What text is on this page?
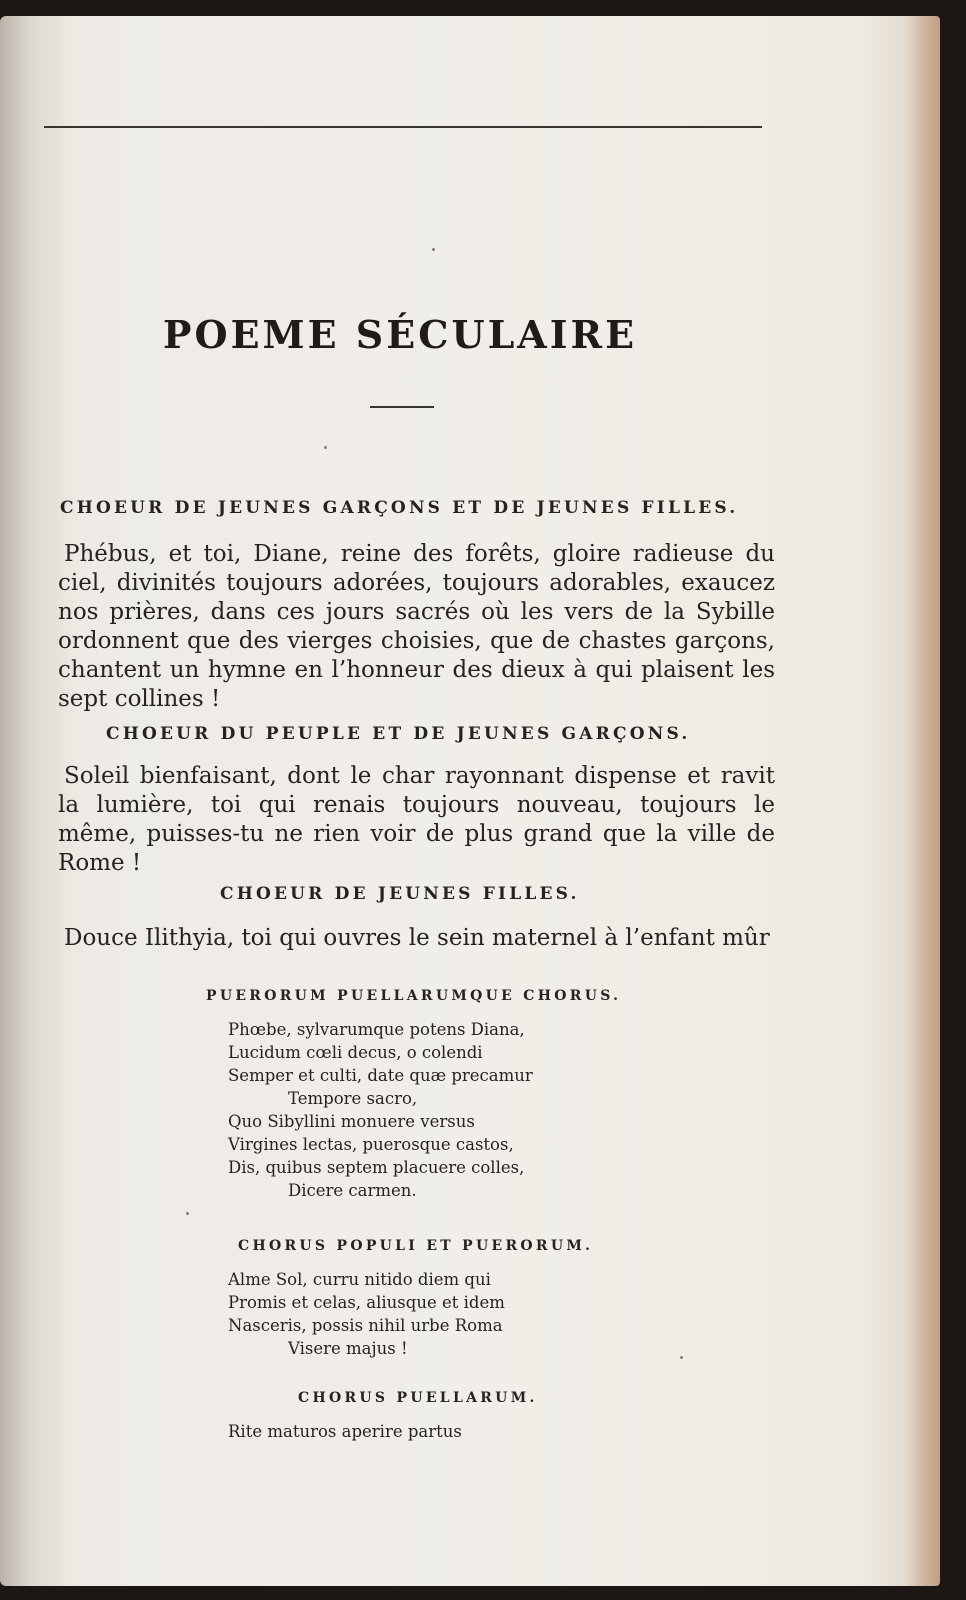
POEME SÉCULAIRE
CHOEUR DE JEUNES GARÇONS ET DE JEUNES FILLES.

Phébus, et toi, Diane, reine des forêts, gloire radieuse du ciel, divinités toujours adorées, toujours adorables, exaucez nos prières, dans ces jours sacrés où les vers de la Sybille ordonnent que des vierges choisies, que de chastes garçons, chantent un hymne en l’honneur des dieux à qui plaisent les sept collines !

CHOEUR DU PEUPLE ET DE JEUNES GARÇONS.

Soleil bienfaisant, dont le char rayonnant dispense et ravit la lumière, toi qui renais toujours nouveau, toujours le même, puisses-tu ne rien voir de plus grand que la ville de Rome !

CHOEUR DE JEUNES FILLES.

Douce Ilithyia, toi qui ouvres le sein maternel à l’enfant mûr

PUERORUM PUELLARUMQUE CHORUS.

Phœbe, sylvarumque potens Diana,

Lucidum cœli decus, o colendi

Semper et culti, date quæ precamur

Tempore sacro,

Quo Sibyllini monuere versus

Virgines lectas, puerosque castos,

Dis, quibus septem placuere colles,

Dicere carmen.

CHORUS POPULI ET PUERORUM.

Alme Sol, curru nitido diem qui

Promis et celas, aliusque et idem

Nasceris, possis nihil urbe Roma

Visere majus !

CHORUS PUELLARUM.

Rite maturos aperire partus
